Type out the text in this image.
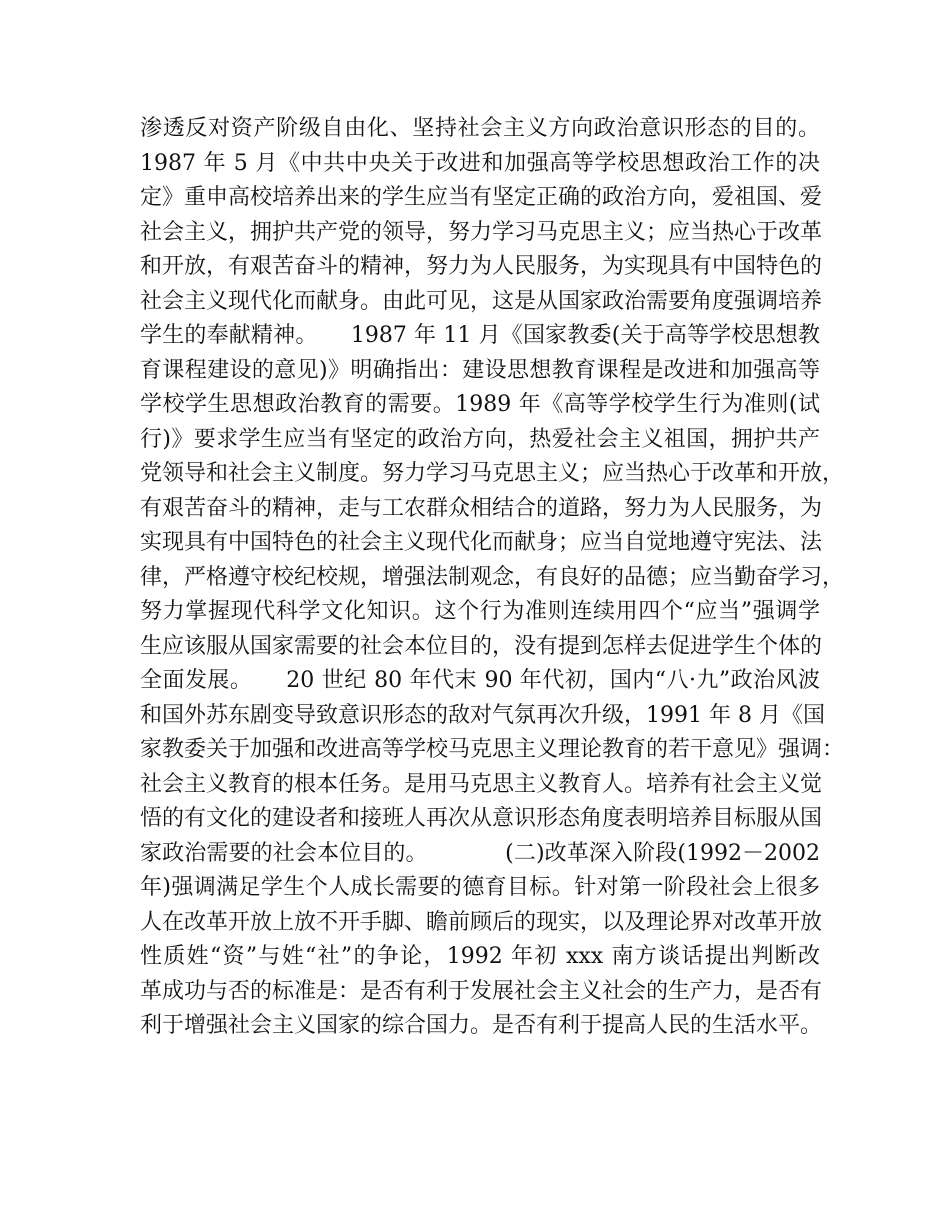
渗透反对资产阶级自由化、坚持社会主义方向政治意识形态的目的。
1987 年 5 月《中共中央关于改进和加强高等学校思想政治工作的决
定》重申高校培养出来的学生应当有坚定正确的政治方向，爱祖国、爱
社会主义，拥护共产党的领导，努力学习马克思主义；应当热心于改革
和开放，有艰苦奋斗的精神，努力为人民服务，为实现具有中国特色的
社会主义现代化而献身。由此可见，这是从国家政治需要角度强调培养
学生的奉献精神。　　1987 年 11 月《国家教委(关于高等学校思想教
育课程建设的意见)》明确指出：建设思想教育课程是改进和加强高等
学校学生思想政治教育的需要。1989 年《高等学校学生行为准则(试
行)》要求学生应当有坚定的政治方向，热爱社会主义祖国，拥护共产
党领导和社会主义制度。努力学习马克思主义；应当热心于改革和开放，
有艰苦奋斗的精神，走与工农群众相结合的道路，努力为人民服务，为
实现具有中国特色的社会主义现代化而献身；应当自觉地遵守宪法、法
律，严格遵守校纪校规，增强法制观念，有良好的品德；应当勤奋学习，
努力掌握现代科学文化知识。这个行为准则连续用四个“应当”强调学
生应该服从国家需要的社会本位目的，没有提到怎样去促进学生个体的
全面发展。　　20 世纪 80 年代末 90 年代初，国内“八·九”政治风波
和国外苏东剧变导致意识形态的敌对气氛再次升级，1991 年 8 月《国
家教委关于加强和改进高等学校马克思主义理论教育的若干意见》强调：
社会主义教育的根本任务。是用马克思主义教育人。培养有社会主义觉
悟的有文化的建设者和接班人再次从意识形态角度表明培养目标服从国
家政治需要的社会本位目的。　　　　(二)改革深入阶段(1992－2002
年)强调满足学生个人成长需要的德育目标。针对第一阶段社会上很多
人在改革开放上放不开手脚、瞻前顾后的现实，以及理论界对改革开放
性质姓“资”与姓“社”的争论，1992 年初 xxx 南方谈话提出判断改
革成功与否的标准是：是否有利于发展社会主义社会的生产力，是否有
利于增强社会主义国家的综合国力。是否有利于提高人民的生活水平。
